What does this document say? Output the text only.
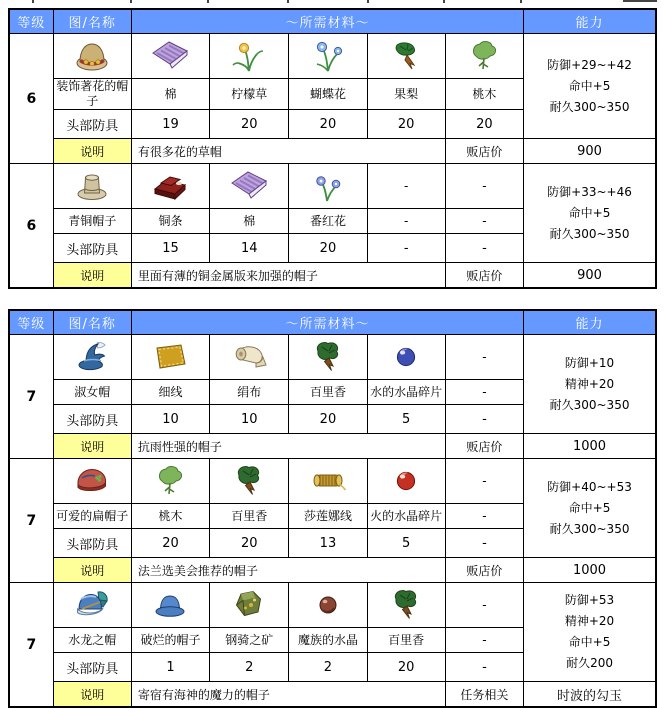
等级	图/名称	～所需材料～					能力
6							防御+29~+42
命中+5
耐久300~350

	装饰著花的帽子	棉	柠檬草	蝴蝶花	果梨	桃木	
	头部防具	19	20	20	20	20	
	说明	有很多花的草帽				贩店价	900
6					-	-	防御+33~+46
命中+5
耐久300~350

	青铜帽子	铜条	棉	番红花	-	-	
	头部防具	15	14	20	-	-	
	说明	里面有薄的铜金属版来加强的帽子				贩店价	900
等级	图/名称	～所需材料～					能力
7						-	防御+10
精神+20
耐久300~350

	淑女帽	细线	绢布	百里香	水的水晶碎片	-	
	头部防具	10	10	20	5	-	
	说明	抗雨性强的帽子				贩店价	1000
7						-	防御+40~+53
命中+5
耐久300~350

	可爱的扁帽子	桃木	百里香	莎莲娜线	火的水晶碎片	-	
	头部防具	20	20	13	5	-	
	说明	法兰选美会推荐的帽子				贩店价	1000
7						-	防御+53
精神+20
命中+5
耐久200

	水龙之帽	破烂的帽子	钢骑之矿	魔族的水晶	百里香	-	
	头部防具	1	2	2	20	-	
	说明	寄宿有海神的魔力的帽子				任务相关	时波的勾玉
